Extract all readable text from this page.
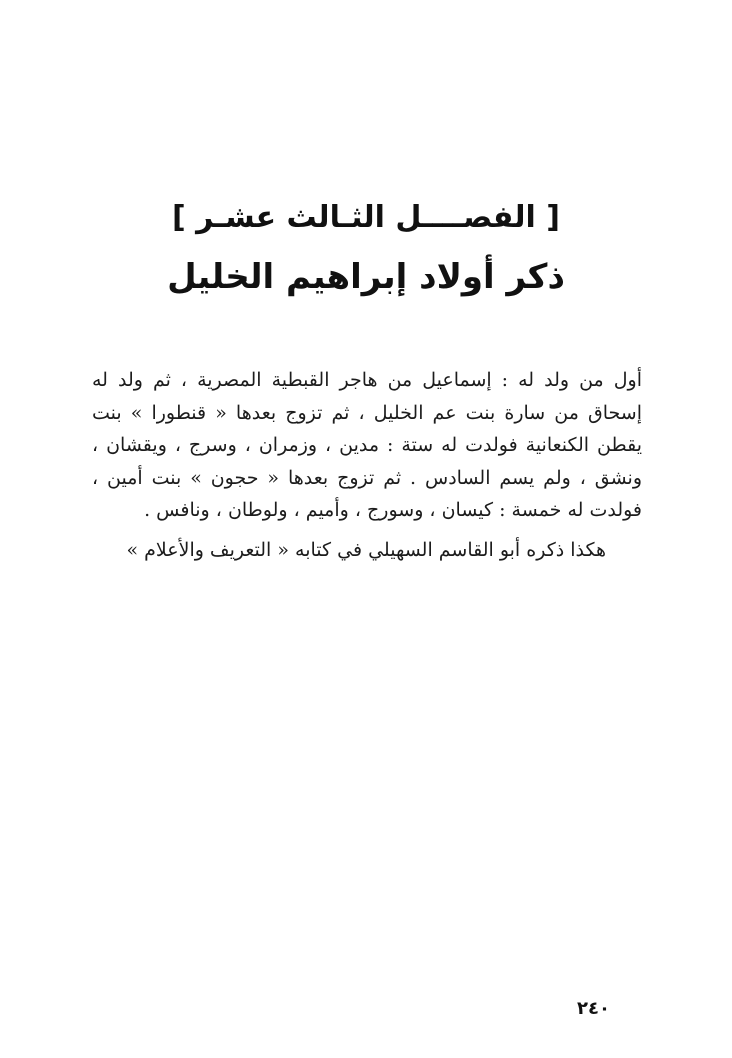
[ الفصــــل الثـالث عشـر ]
ذكر أولاد إبراهيم الخليل

أول من ولد له : إسماعيل من هاجر القبطية المصرية ، ثم ولد له إسحاق من سارة بنت عم الخليل ، ثم تزوج بعدها « قنطورا » بنت يقطن الكنعانية فولدت له ستة : مدين ، وزمران ، وسرج ، ويقشان ، ونشق ، ولم يسم السادس . ثم تزوج بعدها « حجون » بنت أمين ، فولدت له خمسة : كيسان ، وسورج ، وأميم ، ولوطان ، ونافس .

هكذا ذكره أبو القاسم السهيلي في كتابه « التعريف والأعلام »
٢٤٠
